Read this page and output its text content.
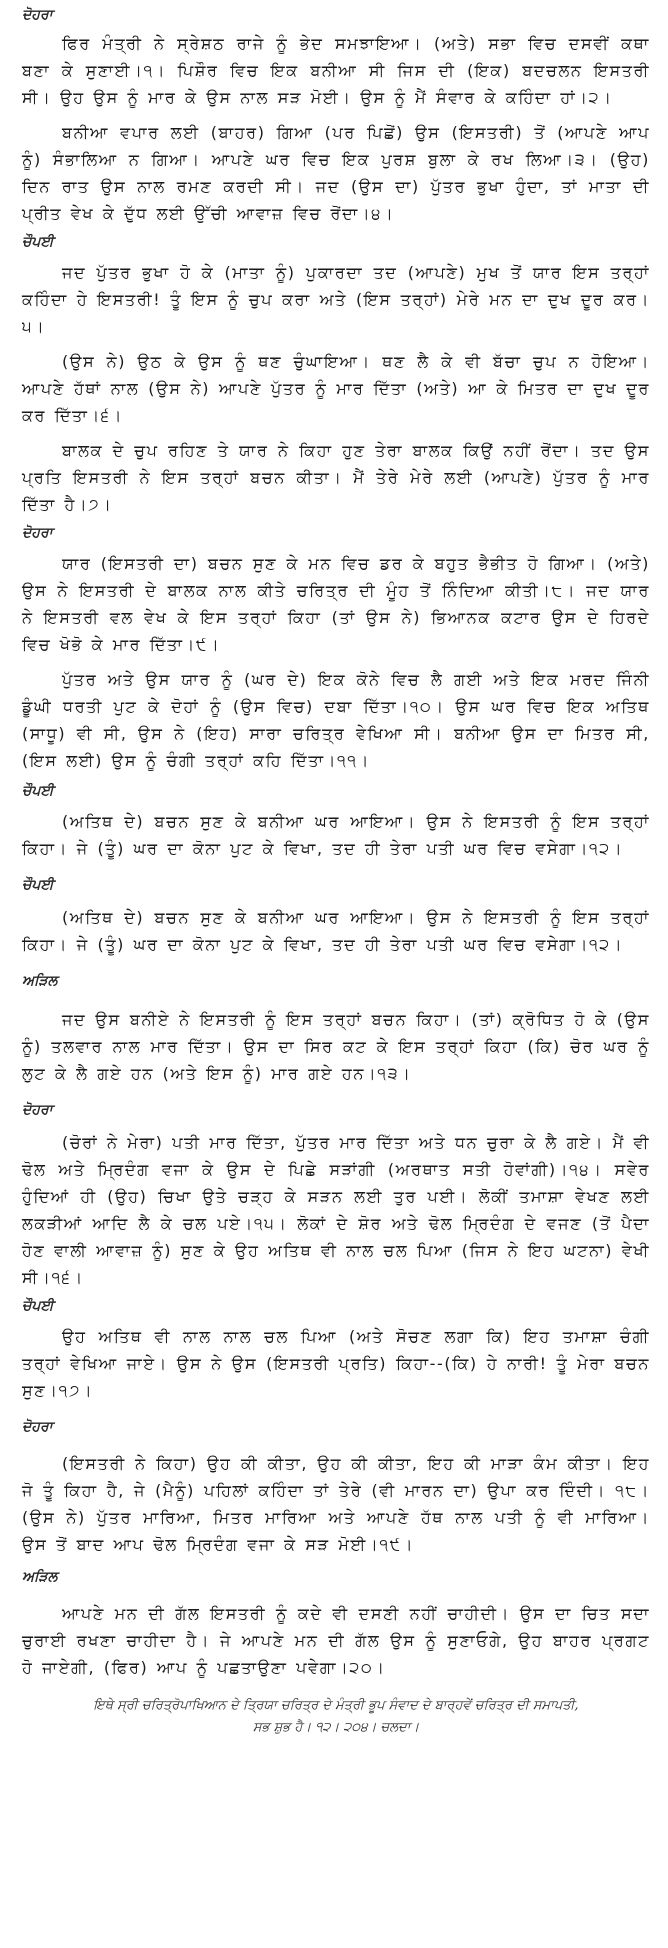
ਦੋਹਰਾ

ਫਿਰ ਮੰਤ੍ਰੀ ਨੇ ਸ੍ਰੇਸ਼ਠ ਰਾਜੇ ਨੂੰ ਭੇਦ ਸਮਝਾਇਆ। (ਅਤੇ) ਸਭਾ ਵਿਚ ਦਸਵੀਂ ਕਥਾ ਬਣਾ ਕੇ ਸੁਣਾਈ।੧। ਪਿਸ਼ੌਰ ਵਿਚ ਇਕ ਬਨੀਆ ਸੀ ਜਿਸ ਦੀ (ਇਕ) ਬਦਚਲਨ ਇਸਤਰੀ ਸੀ। ਉਹ ਉਸ ਨੂੰ ਮਾਰ ਕੇ ਉਸ ਨਾਲ ਸੜ ਮੋਈ। ਉਸ ਨੂੰ ਮੈਂ ਸੰਵਾਰ ਕੇ ਕਹਿੰਦਾ ਹਾਂ।੨।

ਬਨੀਆ ਵਪਾਰ ਲਈ (ਬਾਹਰ) ਗਿਆ (ਪਰ ਪਿਛੋਂ) ਉਸ (ਇਸਤਰੀ) ਤੋਂ (ਆਪਣੇ ਆਪ ਨੂੰ) ਸੰਭਾਲਿਆ ਨ ਗਿਆ। ਆਪਣੇ ਘਰ ਵਿਚ ਇਕ ਪੁਰਸ਼ ਬੁਲਾ ਕੇ ਰਖ ਲਿਆ।੩। (ਉਹ) ਦਿਨ ਰਾਤ ਉਸ ਨਾਲ ਰਮਣ ਕਰਦੀ ਸੀ। ਜਦ (ਉਸ ਦਾ) ਪੁੱਤਰ ਭੁਖਾ ਹੁੰਦਾ, ਤਾਂ ਮਾਤਾ ਦੀ ਪ੍ਰੀਤ ਵੇਖ ਕੇ ਦੁੱਧ ਲਈ ਉੱਚੀ ਆਵਾਜ਼ ਵਿਚ ਰੋਂਦਾ।੪।

ਚੌਪਈ

ਜਦ ਪੁੱਤਰ ਭੁਖਾ ਹੋ ਕੇ (ਮਾਤਾ ਨੂੰ) ਪੁਕਾਰਦਾ ਤਦ (ਆਪਣੇ) ਮੁਖ ਤੋਂ ਯਾਰ ਇਸ ਤਰ੍ਹਾਂ ਕਹਿੰਦਾ ਹੇ ਇਸਤਰੀ! ਤੂੰ ਇਸ ਨੂੰ ਚੁਪ ਕਰਾ ਅਤੇ (ਇਸ ਤਰ੍ਹਾਂ) ਮੇਰੇ ਮਨ ਦਾ ਦੁਖ ਦੂਰ ਕਰ।੫।

(ਉਸ ਨੇ) ਉਠ ਕੇ ਉਸ ਨੂੰ ਥਣ ਚੁੰਘਾਇਆ। ਥਣ ਲੈ ਕੇ ਵੀ ਬੱਚਾ ਚੁਪ ਨ ਹੋਇਆ। ਆਪਣੇ ਹੱਥਾਂ ਨਾਲ (ਉਸ ਨੇ) ਆਪਣੇ ਪੁੱਤਰ ਨੂੰ ਮਾਰ ਦਿੱਤਾ (ਅਤੇ) ਆ ਕੇ ਮਿਤਰ ਦਾ ਦੁਖ ਦੂਰ ਕਰ ਦਿੱਤਾ।੬।

ਬਾਲਕ ਦੇ ਚੁਪ ਰਹਿਣ ਤੇ ਯਾਰ ਨੇ ਕਿਹਾ ਹੁਣ ਤੇਰਾ ਬਾਲਕ ਕਿਉਂ ਨਹੀਂ ਰੋਂਦਾ। ਤਦ ਉਸ ਪ੍ਰਤਿ ਇਸਤਰੀ ਨੇ ਇਸ ਤਰ੍ਹਾਂ ਬਚਨ ਕੀਤਾ। ਮੈਂ ਤੇਰੇ ਮੇਰੇ ਲਈ (ਆਪਣੇ) ਪੁੱਤਰ ਨੂੰ ਮਾਰ ਦਿੱਤਾ ਹੈ।੭।

ਦੋਹਰਾ

ਯਾਰ (ਇਸਤਰੀ ਦਾ) ਬਚਨ ਸੁਣ ਕੇ ਮਨ ਵਿਚ ਡਰ ਕੇ ਬਹੁਤ ਭੈਭੀਤ ਹੋ ਗਿਆ। (ਅਤੇ) ਉਸ ਨੇ ਇਸਤਰੀ ਦੇ ਬਾਲਕ ਨਾਲ ਕੀਤੇ ਚਰਿਤ੍ਰ ਦੀ ਮੂੰਹ ਤੋਂ ਨਿੰਦਿਆ ਕੀਤੀ।੮। ਜਦ ਯਾਰ ਨੇ ਇਸਤਰੀ ਵਲ ਵੇਖ ਕੇ ਇਸ ਤਰ੍ਹਾਂ ਕਿਹਾ (ਤਾਂ ਉਸ ਨੇ) ਭਿਆਨਕ ਕਟਾਰ ਉਸ ਦੇ ਹਿਰਦੇ ਵਿਚ ਖੋਭੋ ਕੇ ਮਾਰ ਦਿੱਤਾ।੯।

ਪੁੱਤਰ ਅਤੇ ਉਸ ਯਾਰ ਨੂੰ (ਘਰ ਦੇ) ਇਕ ਕੋਨੇ ਵਿਚ ਲੈ ਗਈ ਅਤੇ ਇਕ ਮਰਦ ਜਿੰਨੀ ਡੂੰਘੀ ਧਰਤੀ ਪੁਟ ਕੇ ਦੋਹਾਂ ਨੂੰ (ਉਸ ਵਿਚ) ਦਬਾ ਦਿੱਤਾ।੧੦। ਉਸ ਘਰ ਵਿਚ ਇਕ ਅਤਿਥ (ਸਾਧੂ) ਵੀ ਸੀ, ਉਸ ਨੇ (ਇਹ) ਸਾਰਾ ਚਰਿਤ੍ਰ ਵੇਖਿਆ ਸੀ। ਬਨੀਆ ਉਸ ਦਾ ਮਿਤਰ ਸੀ, (ਇਸ ਲਈ) ਉਸ ਨੂੰ ਚੰਗੀ ਤਰ੍ਹਾਂ ਕਹਿ ਦਿੱਤਾ।੧੧।

ਚੌਪਈ

(ਅਤਿਥ ਦੇ) ਬਚਨ ਸੁਣ ਕੇ ਬਨੀਆ ਘਰ ਆਇਆ। ਉਸ ਨੇ ਇਸਤਰੀ ਨੂੰ ਇਸ ਤਰ੍ਹਾਂ ਕਿਹਾ। ਜੇ (ਤੂੰ) ਘਰ ਦਾ ਕੋਨਾ ਪੁਟ ਕੇ ਵਿਖਾ, ਤਦ ਹੀ ਤੇਰਾ ਪਤੀ ਘਰ ਵਿਚ ਵਸੇਗਾ।੧੨।

ਚੌਪਈ

(ਅਤਿਥ ਦੇ) ਬਚਨ ਸੁਣ ਕੇ ਬਨੀਆ ਘਰ ਆਇਆ। ਉਸ ਨੇ ਇਸਤਰੀ ਨੂੰ ਇਸ ਤਰ੍ਹਾਂ ਕਿਹਾ। ਜੇ (ਤੂੰ) ਘਰ ਦਾ ਕੋਨਾ ਪੁਟ ਕੇ ਵਿਖਾ, ਤਦ ਹੀ ਤੇਰਾ ਪਤੀ ਘਰ ਵਿਚ ਵਸੇਗਾ।੧੨।

ਅੜਿਲ

ਜਦ ਉਸ ਬਨੀਏ ਨੇ ਇਸਤਰੀ ਨੂੰ ਇਸ ਤਰ੍ਹਾਂ ਬਚਨ ਕਿਹਾ। (ਤਾਂ) ਕ੍ਰੋਧਿਤ ਹੋ ਕੇ (ਉਸ ਨੂੰ) ਤਲਵਾਰ ਨਾਲ ਮਾਰ ਦਿੱਤਾ। ਉਸ ਦਾ ਸਿਰ ਕਟ ਕੇ ਇਸ ਤਰ੍ਹਾਂ ਕਿਹਾ (ਕਿ) ਚੋਰ ਘਰ ਨੂੰ ਲੁਟ ਕੇ ਲੈ ਗਏ ਹਨ (ਅਤੇ ਇਸ ਨੂੰ) ਮਾਰ ਗਏ ਹਨ।੧੩।

ਦੋਹਰਾ

(ਚੋਰਾਂ ਨੇ ਮੇਰਾ) ਪਤੀ ਮਾਰ ਦਿੱਤਾ, ਪੁੱਤਰ ਮਾਰ ਦਿੱਤਾ ਅਤੇ ਧਨ ਚੁਰਾ ਕੇ ਲੈ ਗਏ। ਮੈਂ ਵੀ ਢੋਲ ਅਤੇ ਮ੍ਰਿਦੰਗ ਵਜਾ ਕੇ ਉਸ ਦੇ ਪਿਛੇ ਸੜਾਂਗੀ (ਅਰਥਾਤ ਸਤੀ ਹੋਵਾਂਗੀ)।੧੪। ਸਵੇਰ ਹੁੰਦਿਆਂ ਹੀ (ਉਹ) ਚਿਖਾ ਉਤੇ ਚੜ੍ਹ ਕੇ ਸੜਨ ਲਈ ਤੁਰ ਪਈ। ਲੋਕੀਂ ਤਮਾਸ਼ਾ ਵੇਖਣ ਲਈ ਲਕੜੀਆਂ ਆਦਿ ਲੈ ਕੇ ਚਲ ਪਏ।੧੫। ਲੋਕਾਂ ਦੇ ਸ਼ੋਰ ਅਤੇ ਢੋਲ ਮ੍ਰਿਦੰਗ ਦੇ ਵਜਣ (ਤੋਂ ਪੈਦਾ ਹੋਣ ਵਾਲੀ ਆਵਾਜ਼ ਨੂੰ) ਸੁਣ ਕੇ ਉਹ ਅਤਿਥ ਵੀ ਨਾਲ ਚਲ ਪਿਆ (ਜਿਸ ਨੇ ਇਹ ਘਟਨਾ) ਵੇਖੀ ਸੀ।੧੬।

ਚੌਪਈ

ਉਹ ਅਤਿਥ ਵੀ ਨਾਲ ਨਾਲ ਚਲ ਪਿਆ (ਅਤੇ ਸੋਚਣ ਲਗਾ ਕਿ) ਇਹ ਤਮਾਸ਼ਾ ਚੰਗੀ ਤਰ੍ਹਾਂ ਵੇਖਿਆ ਜਾਏ। ਉਸ ਨੇ ਉਸ (ਇਸਤਰੀ ਪ੍ਰਤਿ) ਕਿਹਾ--(ਕਿ) ਹੇ ਨਾਰੀ! ਤੂੰ ਮੇਰਾ ਬਚਨ ਸੁਣ।੧੭।

ਦੋਹਰਾ

(ਇਸਤਰੀ ਨੇ ਕਿਹਾ) ਉਹ ਕੀ ਕੀਤਾ, ਉਹ ਕੀ ਕੀਤਾ, ਇਹ ਕੀ ਮਾੜਾ ਕੰਮ ਕੀਤਾ। ਇਹ ਜੋ ਤੂੰ ਕਿਹਾ ਹੈ, ਜੇ (ਮੈਨੂੰ) ਪਹਿਲਾਂ ਕਹਿੰਦਾ ਤਾਂ ਤੇਰੇ (ਵੀ ਮਾਰਨ ਦਾ) ਉਪਾ ਕਰ ਦਿੰਦੀ। ੧੮। (ਉਸ ਨੇ) ਪੁੱਤਰ ਮਾਰਿਆ, ਮਿਤਰ ਮਾਰਿਆ ਅਤੇ ਆਪਣੇ ਹੱਥ ਨਾਲ ਪਤੀ ਨੂੰ ਵੀ ਮਾਰਿਆ। ਉਸ ਤੋਂ ਬਾਦ ਆਪ ਢੋਲ ਮ੍ਰਿਦੰਗ ਵਜਾ ਕੇ ਸੜ ਮੋਈ।੧੯।

ਅੜਿਲ

ਆਪਣੇ ਮਨ ਦੀ ਗੱਲ ਇਸਤਰੀ ਨੂੰ ਕਦੇ ਵੀ ਦਸਣੀ ਨਹੀਂ ਚਾਹੀਦੀ। ਉਸ ਦਾ ਚਿਤ ਸਦਾ ਚੁਰਾਈ ਰਖਣਾ ਚਾਹੀਦਾ ਹੈ। ਜੇ ਆਪਣੇ ਮਨ ਦੀ ਗੱਲ ਉਸ ਨੂੰ ਸੁਣਾਓਗੇ, ਉਹ ਬਾਹਰ ਪ੍ਰਗਟ ਹੋ ਜਾਏਗੀ, (ਫਿਰ) ਆਪ ਨੂੰ ਪਛਤਾਉਣਾ ਪਵੇਗਾ।੨੦।

ਇਥੇ ਸ੍ਰੀ ਚਰਿਤ੍ਰੋਪਾਖਿਆਨ ਦੇ ਤ੍ਰਿਯਾ ਚਰਿਤ੍ਰ ਦੇ ਮੰਤ੍ਰੀ ਭੂਪ ਸੰਵਾਦ ਦੇ ਬਾਰ੍ਹਵੇਂ ਚਰਿਤ੍ਰ ਦੀ ਸਮਾਪਤੀ,

ਸਭ ਸ਼ੁਭ ਹੈ। ੧੨। ੨੦੪। ਚਲਦਾ।
